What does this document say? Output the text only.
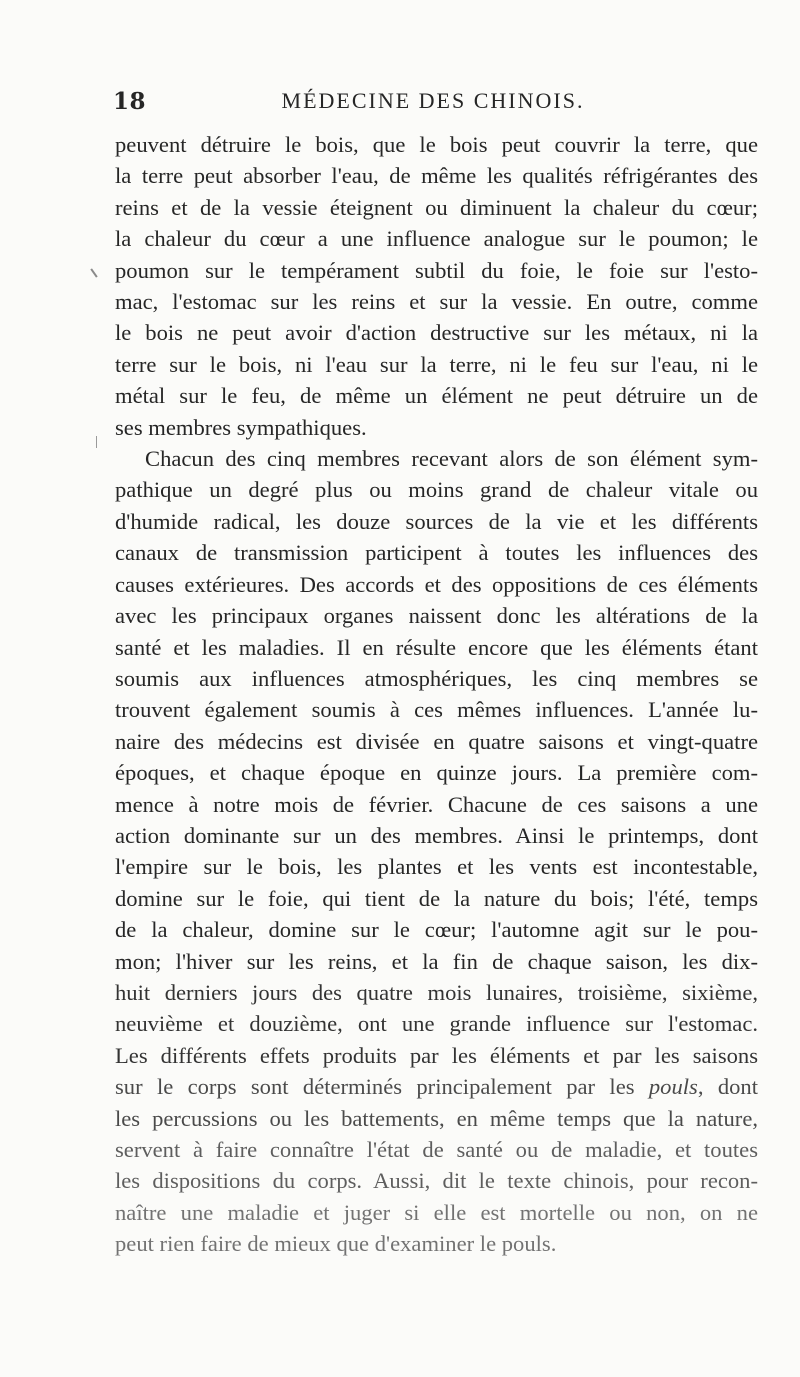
18	MÉDECINE DES CHINOIS.
peuvent détruire le bois, que le bois peut couvrir la terre, que
la terre peut absorber l'eau, de même les qualités réfrigérantes des
reins et de la vessie éteignent ou diminuent la chaleur du cœur;
la chaleur du cœur a une influence analogue sur le poumon; le
poumon sur le tempérament subtil du foie, le foie sur l'esto-
mac, l'estomac sur les reins et sur la vessie. En outre, comme
le bois ne peut avoir d'action destructive sur les métaux, ni la
terre sur le bois, ni l'eau sur la terre, ni le feu sur l'eau, ni le
métal sur le feu, de même un élément ne peut détruire un de
ses membres sympathiques.
Chacun des cinq membres recevant alors de son élément sym-
pathique un degré plus ou moins grand de chaleur vitale ou
d'humide radical, les douze sources de la vie et les différents
canaux de transmission participent à toutes les influences des
causes extérieures. Des accords et des oppositions de ces éléments
avec les principaux organes naissent donc les altérations de la
santé et les maladies. Il en résulte encore que les éléments étant
soumis aux influences atmosphériques, les cinq membres se
trouvent également soumis à ces mêmes influences. L'année lu-
naire des médecins est divisée en quatre saisons et vingt-quatre
époques, et chaque époque en quinze jours. La première com-
mence à notre mois de février. Chacune de ces saisons a une
action dominante sur un des membres. Ainsi le printemps, dont
l'empire sur le bois, les plantes et les vents est incontestable,
domine sur le foie, qui tient de la nature du bois; l'été, temps
de la chaleur, domine sur le cœur; l'automne agit sur le pou-
mon; l'hiver sur les reins, et la fin de chaque saison, les dix-
huit derniers jours des quatre mois lunaires, troisième, sixième,
neuvième et douzième, ont une grande influence sur l'estomac.
Les différents effets produits par les éléments et par les saisons
sur le corps sont déterminés principalement par les pouls, dont
les percussions ou les battements, en même temps que la nature,
servent à faire connaître l'état de santé ou de maladie, et toutes
les dispositions du corps. Aussi, dit le texte chinois, pour recon-
naître une maladie et juger si elle est mortelle ou non, on ne
peut rien faire de mieux que d'examiner le pouls.
